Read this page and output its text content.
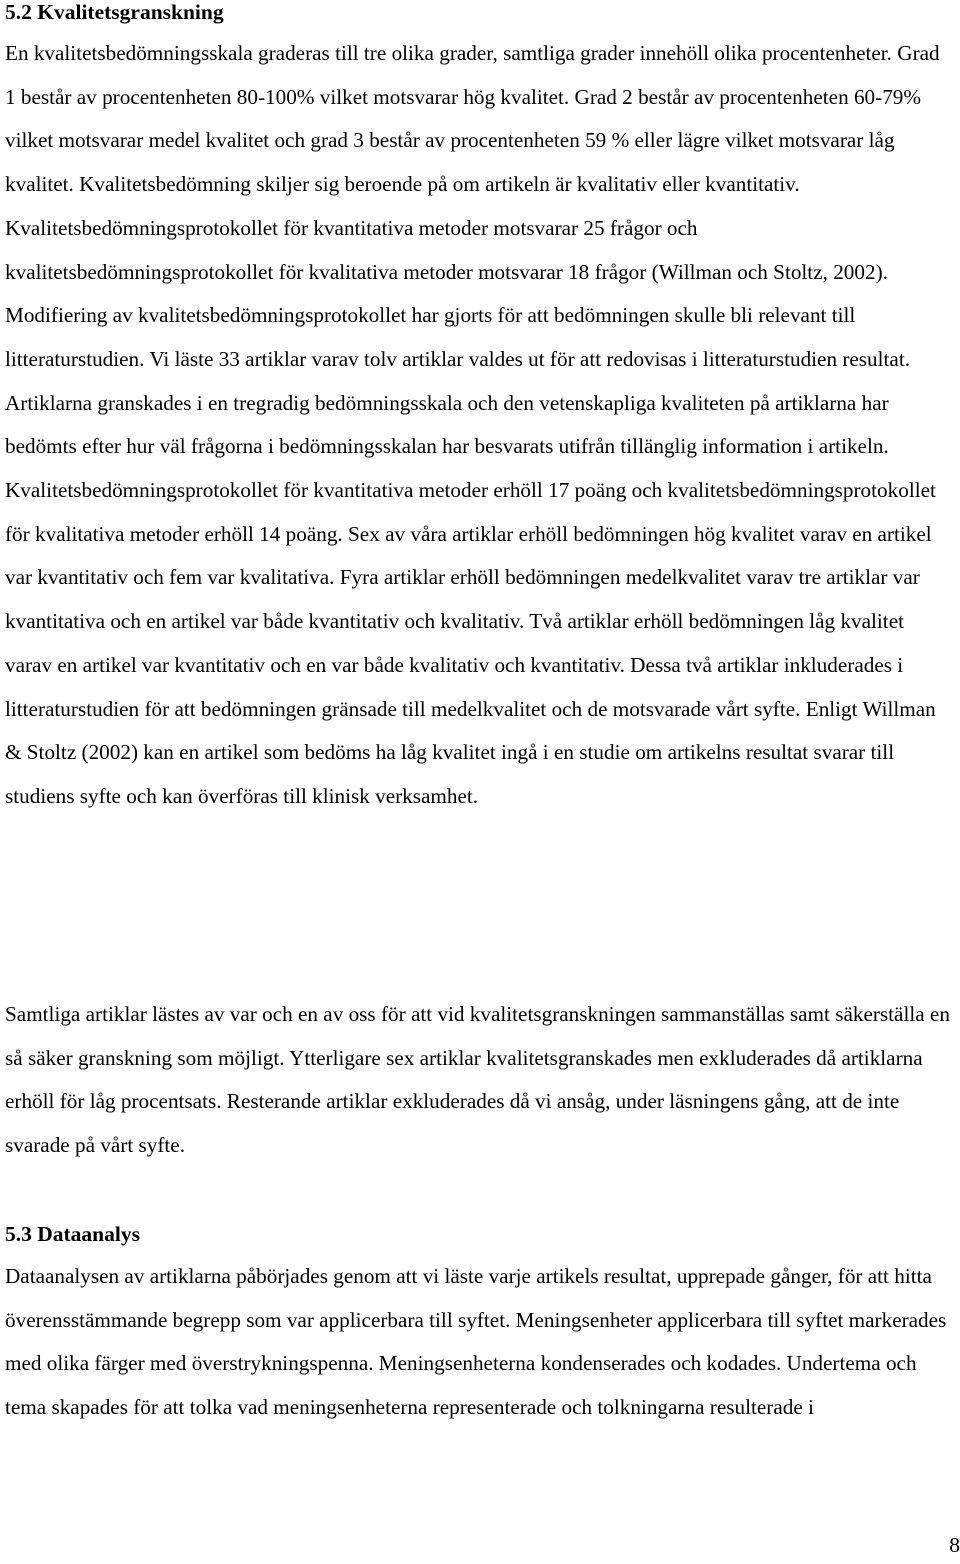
5.2 Kvalitetsgranskning

En kvalitetsbedömningsskala graderas till tre olika grader, samtliga grader innehöll olika procentenheter. Grad 1 består av procentenheten 80-100% vilket motsvarar hög kvalitet. Grad 2 består av procentenheten 60-79% vilket motsvarar medel kvalitet och grad 3 består av procentenheten 59 % eller lägre vilket motsvarar låg kvalitet. Kvalitetsbedömning skiljer sig beroende på om artikeln är kvalitativ eller kvantitativ. Kvalitetsbedömningsprotokollet för kvantitativa metoder motsvarar 25 frågor och kvalitetsbedömningsprotokollet för kvalitativa metoder motsvarar 18 frågor (Willman och Stoltz, 2002). Modifiering av kvalitetsbedömningsprotokollet har gjorts för att bedömningen skulle bli relevant till litteraturstudien. Vi läste 33 artiklar varav tolv artiklar valdes ut för att redovisas i litteraturstudien resultat. Artiklarna granskades i en tregradig bedömningsskala och den vetenskapliga kvaliteten på artiklarna har bedömts efter hur väl frågorna i bedömningsskalan har besvarats utifrån tillänglig information i artikeln. Kvalitetsbedömningsprotokollet för kvantitativa metoder erhöll 17 poäng och kvalitetsbedömningsprotokollet för kvalitativa metoder erhöll 14 poäng. Sex av våra artiklar erhöll bedömningen hög kvalitet varav en artikel var kvantitativ och fem var kvalitativa. Fyra artiklar erhöll bedömningen medelkvalitet varav tre artiklar var kvantitativa och en artikel var både kvantitativ och kvalitativ. Två artiklar erhöll bedömningen låg kvalitet varav en artikel var kvantitativ och en var både kvalitativ och kvantitativ. Dessa två artiklar inkluderades i litteraturstudien för att bedömningen gränsade till medelkvalitet och de motsvarade vårt syfte. Enligt Willman & Stoltz (2002) kan en artikel som bedöms ha låg kvalitet ingå i en studie om artikelns resultat svarar till studiens syfte och kan överföras till klinisk verksamhet.

Samtliga artiklar lästes av var och en av oss för att vid kvalitetsgranskningen sammanställas samt säkerställa en så säker granskning som möjligt. Ytterligare sex artiklar kvalitetsgranskades men exkluderades då artiklarna erhöll för låg procentsats. Resterande artiklar exkluderades då vi ansåg, under läsningens gång, att de inte svarade på vårt syfte.

5.3 Dataanalys

Dataanalysen av artiklarna påbörjades genom att vi läste varje artikels resultat, upprepade gånger, för att hitta överensstämmande begrepp som var applicerbara till syftet. Meningsenheter applicerbara till syftet markerades med olika färger med överstrykningspenna. Meningsenheterna kondenserades och kodades. Undertema och tema skapades för att tolka vad meningsenheterna representerade och tolkningarna resulterade i

8
